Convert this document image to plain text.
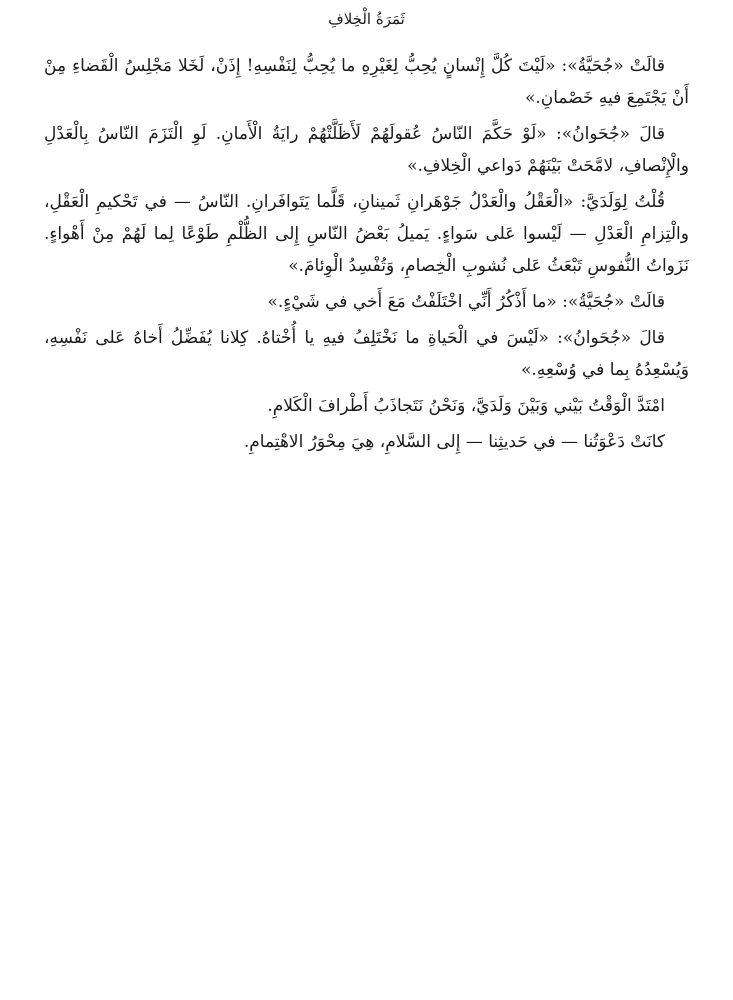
ثَمَرَةُ الْخِلافِ

قالَتْ «جُحَيَّةُ»: «لَيْتَ كُلَّ إِنْسانٍ يُحِبُّ لِغَيْرِهِ ما يُحِبُّ لِنَفْسِهِ! إِذَنْ، لَخَلا مَجْلِسُ الْقَضاءِ مِنْ أَنْ يَجْتَمِعَ فيهِ خَصْمانِ.»

قالَ «جُحَوانُ»: «لَوْ حَكَّمَ النّاسُ عُقولَهُمْ لَأَظَلَّتْهُمْ رايَةُ الْأَمانِ. لَوِ الْتَزَمَ النّاسُ بِالْعَدْلِ والْإِنْصافِ، لامَّحَتْ بَيْنَهُمْ دَواعي الْخِلافِ.»

قُلْتُ لِوَلَدَيَّ: «الْعَقْلُ والْعَدْلُ جَوْهَرانِ ثَمينانِ، قَلَّما يَتَوافَرانِ. النّاسُ — في تَحْكيمِ الْعَقْلِ، والْتِزامِ الْعَدْلِ — لَيْسوا عَلى سَواءٍ. يَميلُ بَعْضُ النّاسِ إِلى الظُّلْمِ طَوْعًا لِما لَهُمْ مِنْ أَهْواءٍ. نَزَواتُ النُّفوسِ تَبْعَثُ عَلى نُشوبِ الْخِصامِ، وَتُفْسِدُ الْوِئامَ.»

قالَتْ «جُحَيَّةُ»: «ما أَذْكُرُ أَنِّي اخْتَلَفْتُ مَعَ أَخي في شَيْءٍ.»

قالَ «جُحَوانُ»: «لَيْسَ في الْحَياةِ ما نَخْتَلِفُ فيهِ يا أُخْتاهُ. كِلانا يُفَضِّلُ أَخاهُ عَلى نَفْسِهِ، وَيُسْعِدُهُ بِما في وُسْعِهِ.»

امْتَدَّ الْوَقْتُ بَيْني وَبَيْنَ وَلَدَيَّ، وَنَحْنُ نَتَجاذَبُ أَطْرافَ الْكَلامِ.

كانَتْ دَعْوَتُنا — في حَديثِنا — إِلى السَّلامِ، هِيَ مِحْوَرُ الاهْتِمامِ.
